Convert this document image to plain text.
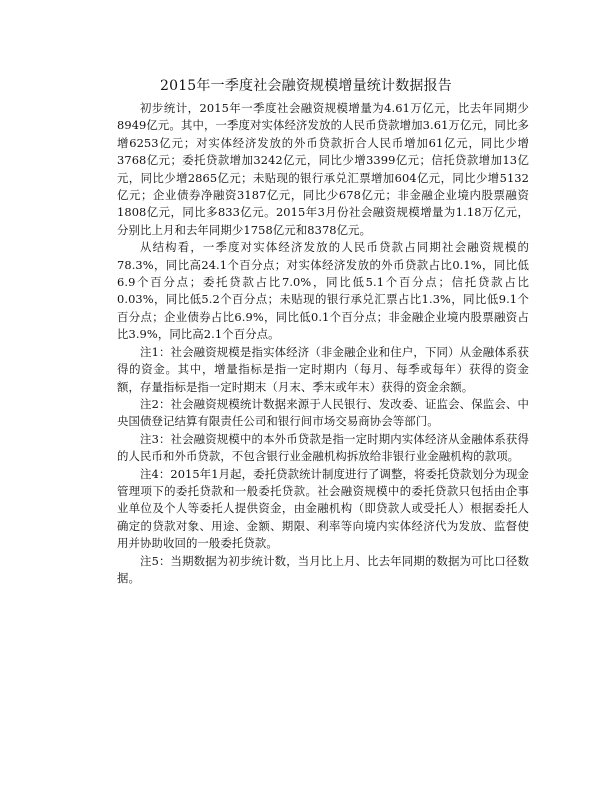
2015年一季度社会融资规模增量统计数据报告

初步统计，2015年一季度社会融资规模增量为4.61万亿元，比去年同期少8949亿元。其中，一季度对实体经济发放的人民币贷款增加3.61万亿元，同比多增6253亿元；对实体经济发放的外币贷款折合人民币增加61亿元，同比少增3768亿元；委托贷款增加3242亿元，同比少增3399亿元；信托贷款增加13亿元，同比少增2865亿元；未贴现的银行承兑汇票增加604亿元，同比少增5132亿元；企业债券净融资3187亿元，同比少678亿元；非金融企业境内股票融资1808亿元，同比多833亿元。2015年3月份社会融资规模增量为1.18万亿元，分别比上月和去年同期少1758亿元和8378亿元。

从结构看，一季度对实体经济发放的人民币贷款占同期社会融资规模的78.3%，同比高24.1个百分点；对实体经济发放的外币贷款占比0.1%，同比低6.9个百分点；委托贷款占比7.0%，同比低5.1个百分点；信托贷款占比0.03%，同比低5.2个百分点；未贴现的银行承兑汇票占比1.3%，同比低9.1个百分点；企业债券占比6.9%，同比低0.1个百分点；非金融企业境内股票融资占比3.9%，同比高2.1个百分点。

注1：社会融资规模是指实体经济（非金融企业和住户，下同）从金融体系获得的资金。其中，增量指标是指一定时期内（每月、每季或每年）获得的资金额，存量指标是指一定时期末（月末、季末或年末）获得的资金余额。

注2：社会融资规模统计数据来源于人民银行、发改委、证监会、保监会、中央国债登记结算有限责任公司和银行间市场交易商协会等部门。

注3：社会融资规模中的本外币贷款是指一定时期内实体经济从金融体系获得的人民币和外币贷款，不包含银行业金融机构拆放给非银行业金融机构的款项。

注4：2015年1月起，委托贷款统计制度进行了调整，将委托贷款划分为现金管理项下的委托贷款和一般委托贷款。社会融资规模中的委托贷款只包括由企事业单位及个人等委托人提供资金，由金融机构（即贷款人或受托人）根据委托人确定的贷款对象、用途、金额、期限、利率等向境内实体经济代为发放、监督使用并协助收回的一般委托贷款。

注5：当期数据为初步统计数，当月比上月、比去年同期的数据为可比口径数据。
